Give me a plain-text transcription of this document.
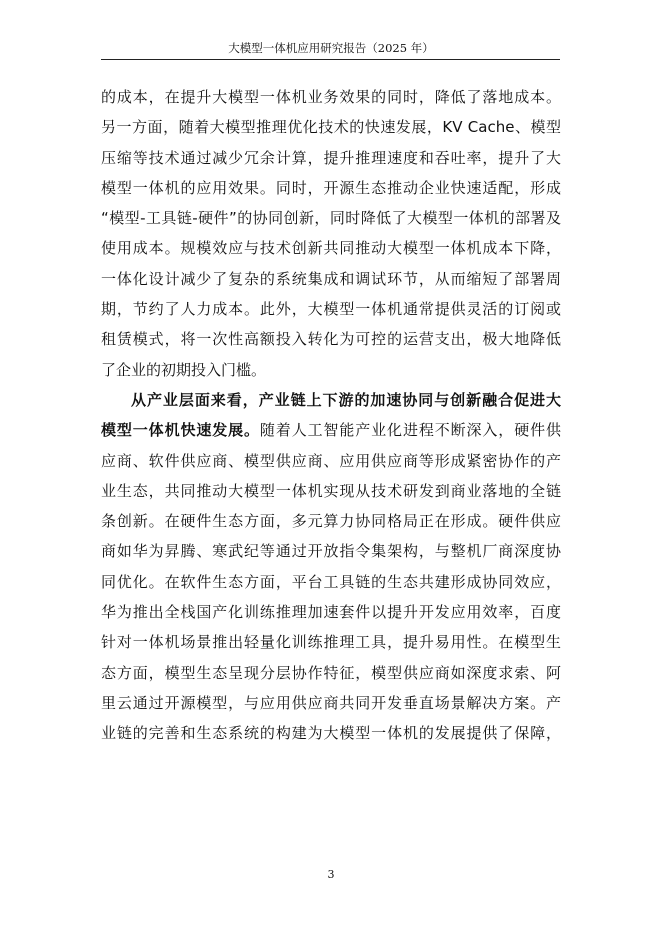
大模型一体机应用研究报告（2025 年）
的成本，在提升大模型一体机业务效果的同时，降低了落地成本。
另一方面，随着大模型推理优化技术的快速发展，KV Cache、模型
压缩等技术通过减少冗余计算，提升推理速度和吞吐率，提升了大
模型一体机的应用效果。同时，开源生态推动企业快速适配，形成
“模型-工具链-硬件”的协同创新，同时降低了大模型一体机的部署及
使用成本。规模效应与技术创新共同推动大模型一体机成本下降，
一体化设计减少了复杂的系统集成和调试环节，从而缩短了部署周
期，节约了人力成本。此外，大模型一体机通常提供灵活的订阅或
租赁模式，将一次性高额投入转化为可控的运营支出，极大地降低
了企业的初期投入门槛。
从产业层面来看，产业链上下游的加速协同与创新融合促进大
模型一体机快速发展。随着人工智能产业化进程不断深入，硬件供
应商、软件供应商、模型供应商、应用供应商等形成紧密协作的产
业生态，共同推动大模型一体机实现从技术研发到商业落地的全链
条创新。在硬件生态方面，多元算力协同格局正在形成。硬件供应
商如华为昇腾、寒武纪等通过开放指令集架构，与整机厂商深度协
同优化。在软件生态方面，平台工具链的生态共建形成协同效应，
华为推出全栈国产化训练推理加速套件以提升开发应用效率，百度
针对一体机场景推出轻量化训练推理工具，提升易用性。在模型生
态方面，模型生态呈现分层协作特征，模型供应商如深度求索、阿
里云通过开源模型，与应用供应商共同开发垂直场景解决方案。产
业链的完善和生态系统的构建为大模型一体机的发展提供了保障，
3
